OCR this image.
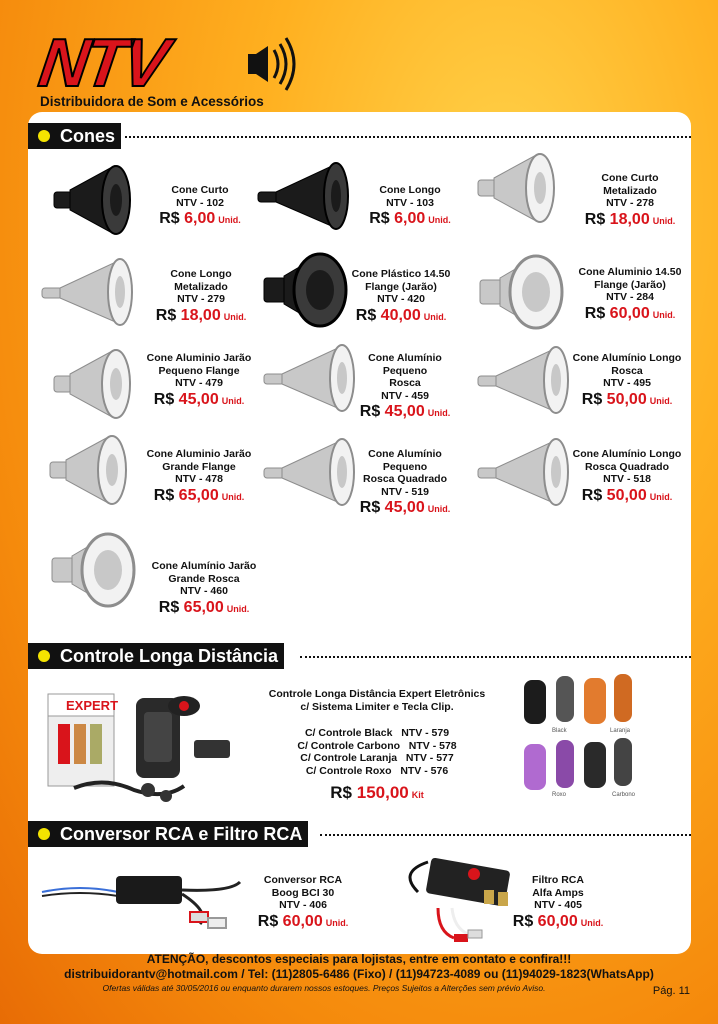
NTV
Distribuidora de Som e Acessórios
Cones
Cone Curto
NTV - 102
R$ 6,00 Unid.
Cone Longo
NTV - 103
R$ 6,00 Unid.
Cone Curto
Metalizado
NTV - 278
R$ 18,00 Unid.
Cone Longo
Metalizado
NTV - 279
R$ 18,00 Unid.
Cone Plástico 14.50
Flange (Jarão)
NTV - 420
R$ 40,00 Unid.
Cone Aluminio 14.50
Flange (Jarão)
NTV - 284
R$ 60,00 Unid.
Cone Aluminio Jarão
Pequeno Flange
NTV - 479
R$ 45,00 Unid.
Cone Alumínio Pequeno
Rosca
NTV - 459
R$ 45,00 Unid.
Cone Alumínio Longo
Rosca
NTV - 495
R$ 50,00 Unid.
Cone Aluminio Jarão
Grande Flange
NTV - 478
R$ 65,00 Unid.
Cone Alumínio Pequeno
Rosca Quadrado
NTV - 519
R$ 45,00 Unid.
Cone Alumínio Longo
Rosca Quadrado
NTV - 518
R$ 50,00 Unid.
Cone Alumínio Jarão
Grande Rosca
NTV - 460
R$ 65,00 Unid.
Controle Longa Distância
EXPERT
Controle Longa Distância Expert Eletrônics
c/ Sistema Limiter e Tecla Clip.
C/ Controle Black   NTV - 579
C/ Controle Carbono   NTV - 578
C/ Controle Laranja   NTV - 577
C/ Controle Roxo   NTV - 576
R$ 150,00 Kit
Black	Laranja
Roxo	Carbono
Conversor RCA e Filtro RCA
Conversor RCA
Boog BCI 30
NTV - 406
R$ 60,00 Unid.
Filtro RCA
Alfa Amps
NTV - 405
R$ 60,00 Unid.
ATENÇÃO, descontos especiais para lojistas, entre em contato e confira!!!
distribuidorantv@hotmail.com / Tel: (11)2805-6486 (Fixo) / (11)94723-4089 ou (11)94029-1823(WhatsApp)
Ofertas válidas até 30/05/2016 ou enquanto durarem nossos estoques. Preços Sujeitos a Alterções sem prévio Aviso.	Pág. 11
